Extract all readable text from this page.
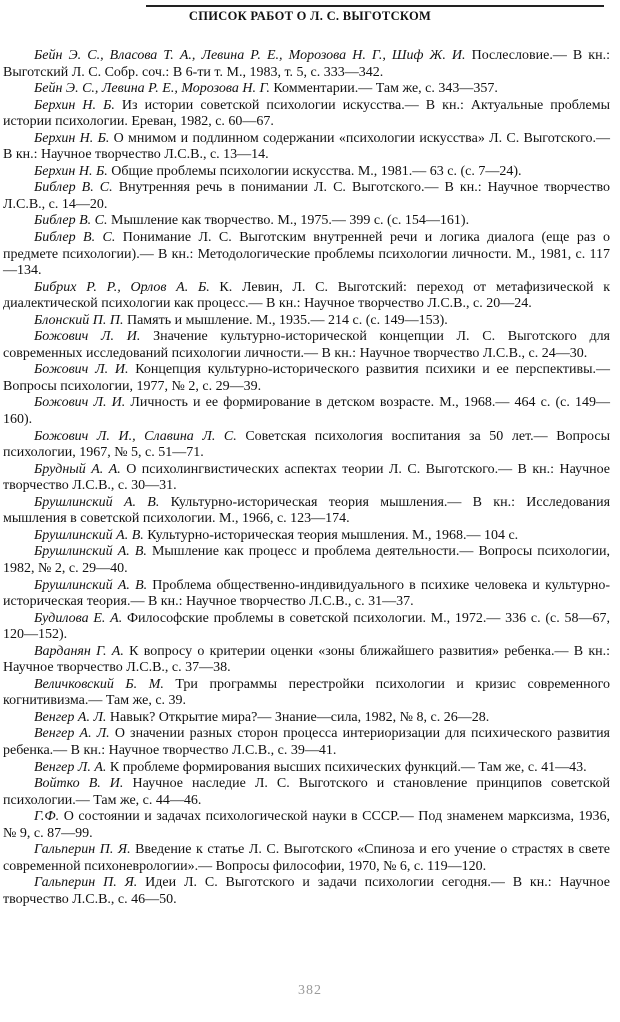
СПИСОК РАБОТ О Л. С. ВЫГОТСКОМ

Бейн Э. С., Власова Т. А., Левина Р. Е., Морозова Н. Г., Шиф Ж. И. Послесловие.— В кн.: Выготский Л. С. Собр. соч.: В 6-ти т. М., 1983, т. 5, с. 333—342.

Бейн Э. С., Левина Р. Е., Морозова Н. Г. Комментарии.— Там же, с. 343—357.

Берхин Н. Б. Из истории советской психологии искусства.— В кн.: Актуальные проблемы истории психологии. Ереван, 1982, с. 60—67.

Берхин Н. Б. О мнимом и подлинном содержании «психологии искусства» Л. С. Выготского.— В кн.: Научное творчество Л.С.В., с. 13—14.

Берхин Н. Б. Общие проблемы психологии искусства. М., 1981.— 63 с. (с. 7—24).

Библер В. С. Внутренняя речь в понимании Л. С. Выготского.— В кн.: Научное творчество Л.С.В., с. 14—20.

Библер В. С. Мышление как творчество. М., 1975.— 399 с. (с. 154—161).

Библер В. С. Понимание Л. С. Выготским внутренней речи и логика диалога (еще раз о предмете психологии).— В кн.: Методологические проблемы психологии личности. М., 1981, с. 117—134.

Бибрих Р. Р., Орлов А. Б. К. Левин, Л. С. Выготский: переход от метафизической к диалектической психологии как процесс.— В кн.: Научное творчество Л.С.В., с. 20—24.

Блонский П. П. Память и мышление. М., 1935.— 214 с. (с. 149—153).

Божович Л. И. Значение культурно-исторической концепции Л. С. Выготского для современных исследований психологии личности.— В кн.: Научное творчество Л.С.В., с. 24—30.

Божович Л. И. Концепция культурно-исторического развития психики и ее перспективы.— Вопросы психологии, 1977, № 2, с. 29—39.

Божович Л. И. Личность и ее формирование в детском возрасте. М., 1968.— 464 с. (с. 149—160).

Божович Л. И., Славина Л. С. Советская психология воспитания за 50 лет.— Вопросы психологии, 1967, № 5, с. 51—71.

Брудный А. А. О психолингвистических аспектах теории Л. С. Выготского.— В кн.: Научное творчество Л.С.В., с. 30—31.

Брушлинский А. В. Культурно-историческая теория мышления.— В кн.: Исследования мышления в советской психологии. М., 1966, с. 123—174.

Брушлинский А. В. Культурно-историческая теория мышления. М., 1968.— 104 с.

Брушлинский А. В. Мышление как процесс и проблема деятельности.— Вопросы психологии, 1982, № 2, с. 29—40.

Брушлинский А. В. Проблема общественно-индивидуального в психике человека и культурно-историческая теория.— В кн.: Научное творчество Л.С.В., с. 31—37.

Будилова Е. А. Философские проблемы в советской психологии. М., 1972.— 336 с. (с. 58—67, 120—152).

Варданян Г. А. К вопросу о критерии оценки «зоны ближайшего развития» ребенка.— В кн.: Научное творчество Л.С.В., с. 37—38.

Величковский Б. М. Три программы перестройки психологии и кризис современного когнитивизма.— Там же, с. 39.

Венгер А. Л. Навык? Открытие мира?— Знание—сила, 1982, № 8, с. 26—28.

Венгер А. Л. О значении разных сторон процесса интериоризации для психического развития ребенка.— В кн.: Научное творчество Л.С.В., с. 39—41.

Венгер Л. А. К проблеме формирования высших психических функций.— Там же, с. 41—43.

Войтко В. И. Научное наследие Л. С. Выготского и становление принципов советской психологии.— Там же, с. 44—46.

Г.Ф. О состоянии и задачах психологической науки в СССР.— Под знаменем марксизма, 1936, № 9, с. 87—99.

Гальперин П. Я. Введение к статье Л. С. Выготского «Спиноза и его учение о страстях в свете современной психоневрологии».— Вопросы философии, 1970, № 6, с. 119—120.

Гальперин П. Я. Идеи Л. С. Выготского и задачи психологии сегодня.— В кн.: Научное творчество Л.С.В., с. 46—50.

382
